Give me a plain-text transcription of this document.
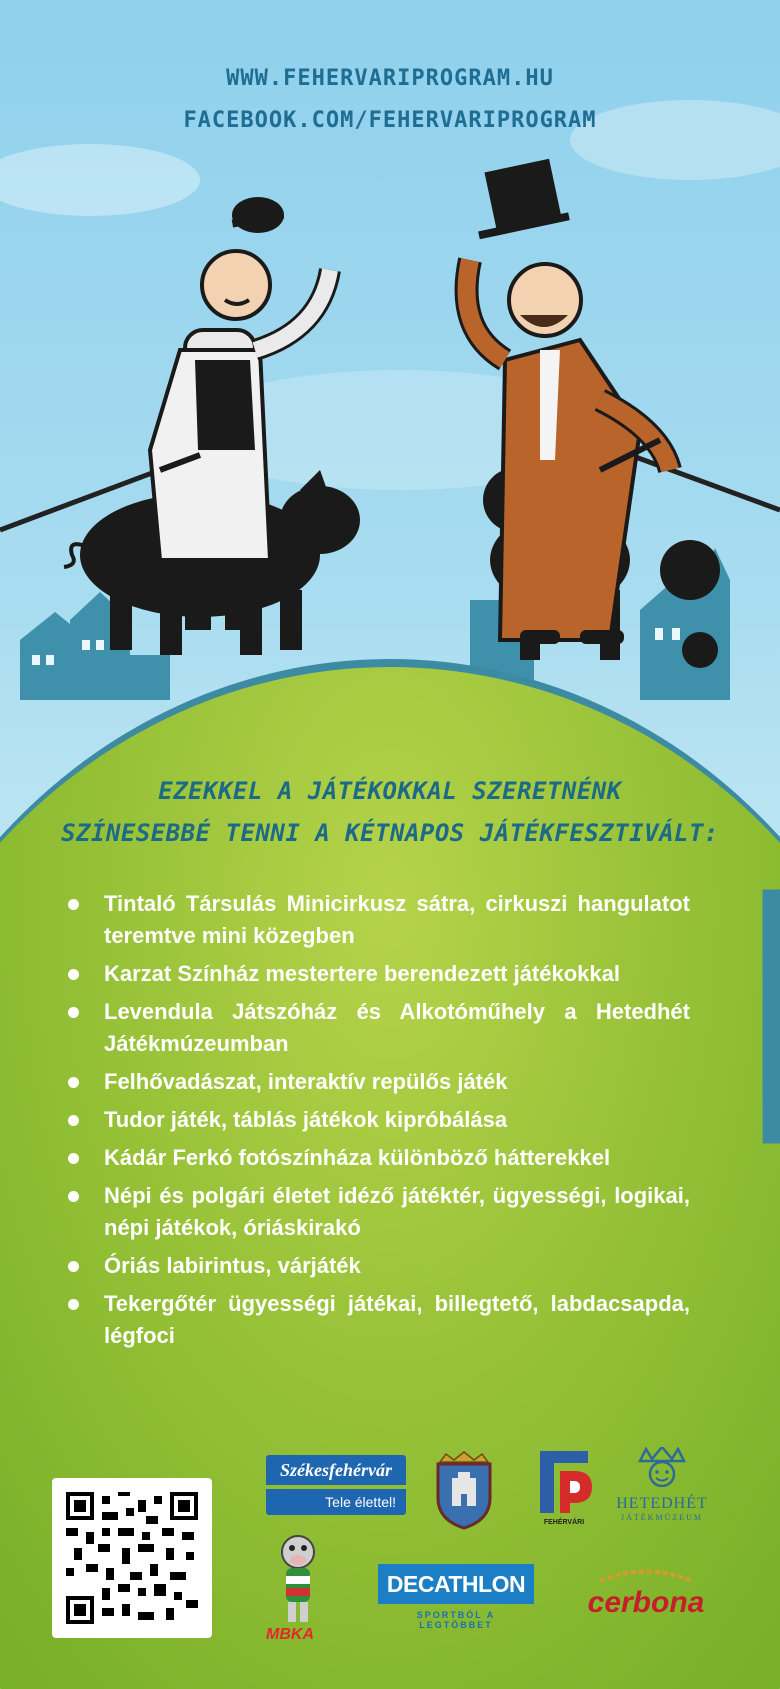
WWW.FEHERVARIPROGRAM.HU
FACEBOOK.COM/FEHERVARIPROGRAM
EZEKKEL A JÁTÉKOKKAL SZERETNÉNK
SZÍNESEBBÉ TENNI A KÉTNAPOS JÁTÉKFESZTIVÁLT:
Tintaló Társulás Minicirkusz sátra, cirkuszi hangulatot teremtve mini közegben
Karzat Színház mestertere berendezett játékokkal
Levendula Játszóház és Alkotóműhely a Hetedhét Játékmúzeumban
Felhővadászat, interaktív repülős játék
Tudor játék, táblás játékok kipróbálása
Kádár Ferkó fotószínháza különböző hátterekkel
Népi és polgári életet idéző játéktér, ügyességi, logikai, népi játékok, óriáskirakó
Óriás labirintus, várjáték
Tekergőtér ügyességi játékai, billegtető, labdacsapda, légfoci
Székesfehérvár
Tele élettel!
FEHÉRVÁRI
HETEDHÉT
JÁTÉKMÚZEUM
MBKA
DECATHLON
SPORTBÓL A LEGTÖBBET
cerbona
